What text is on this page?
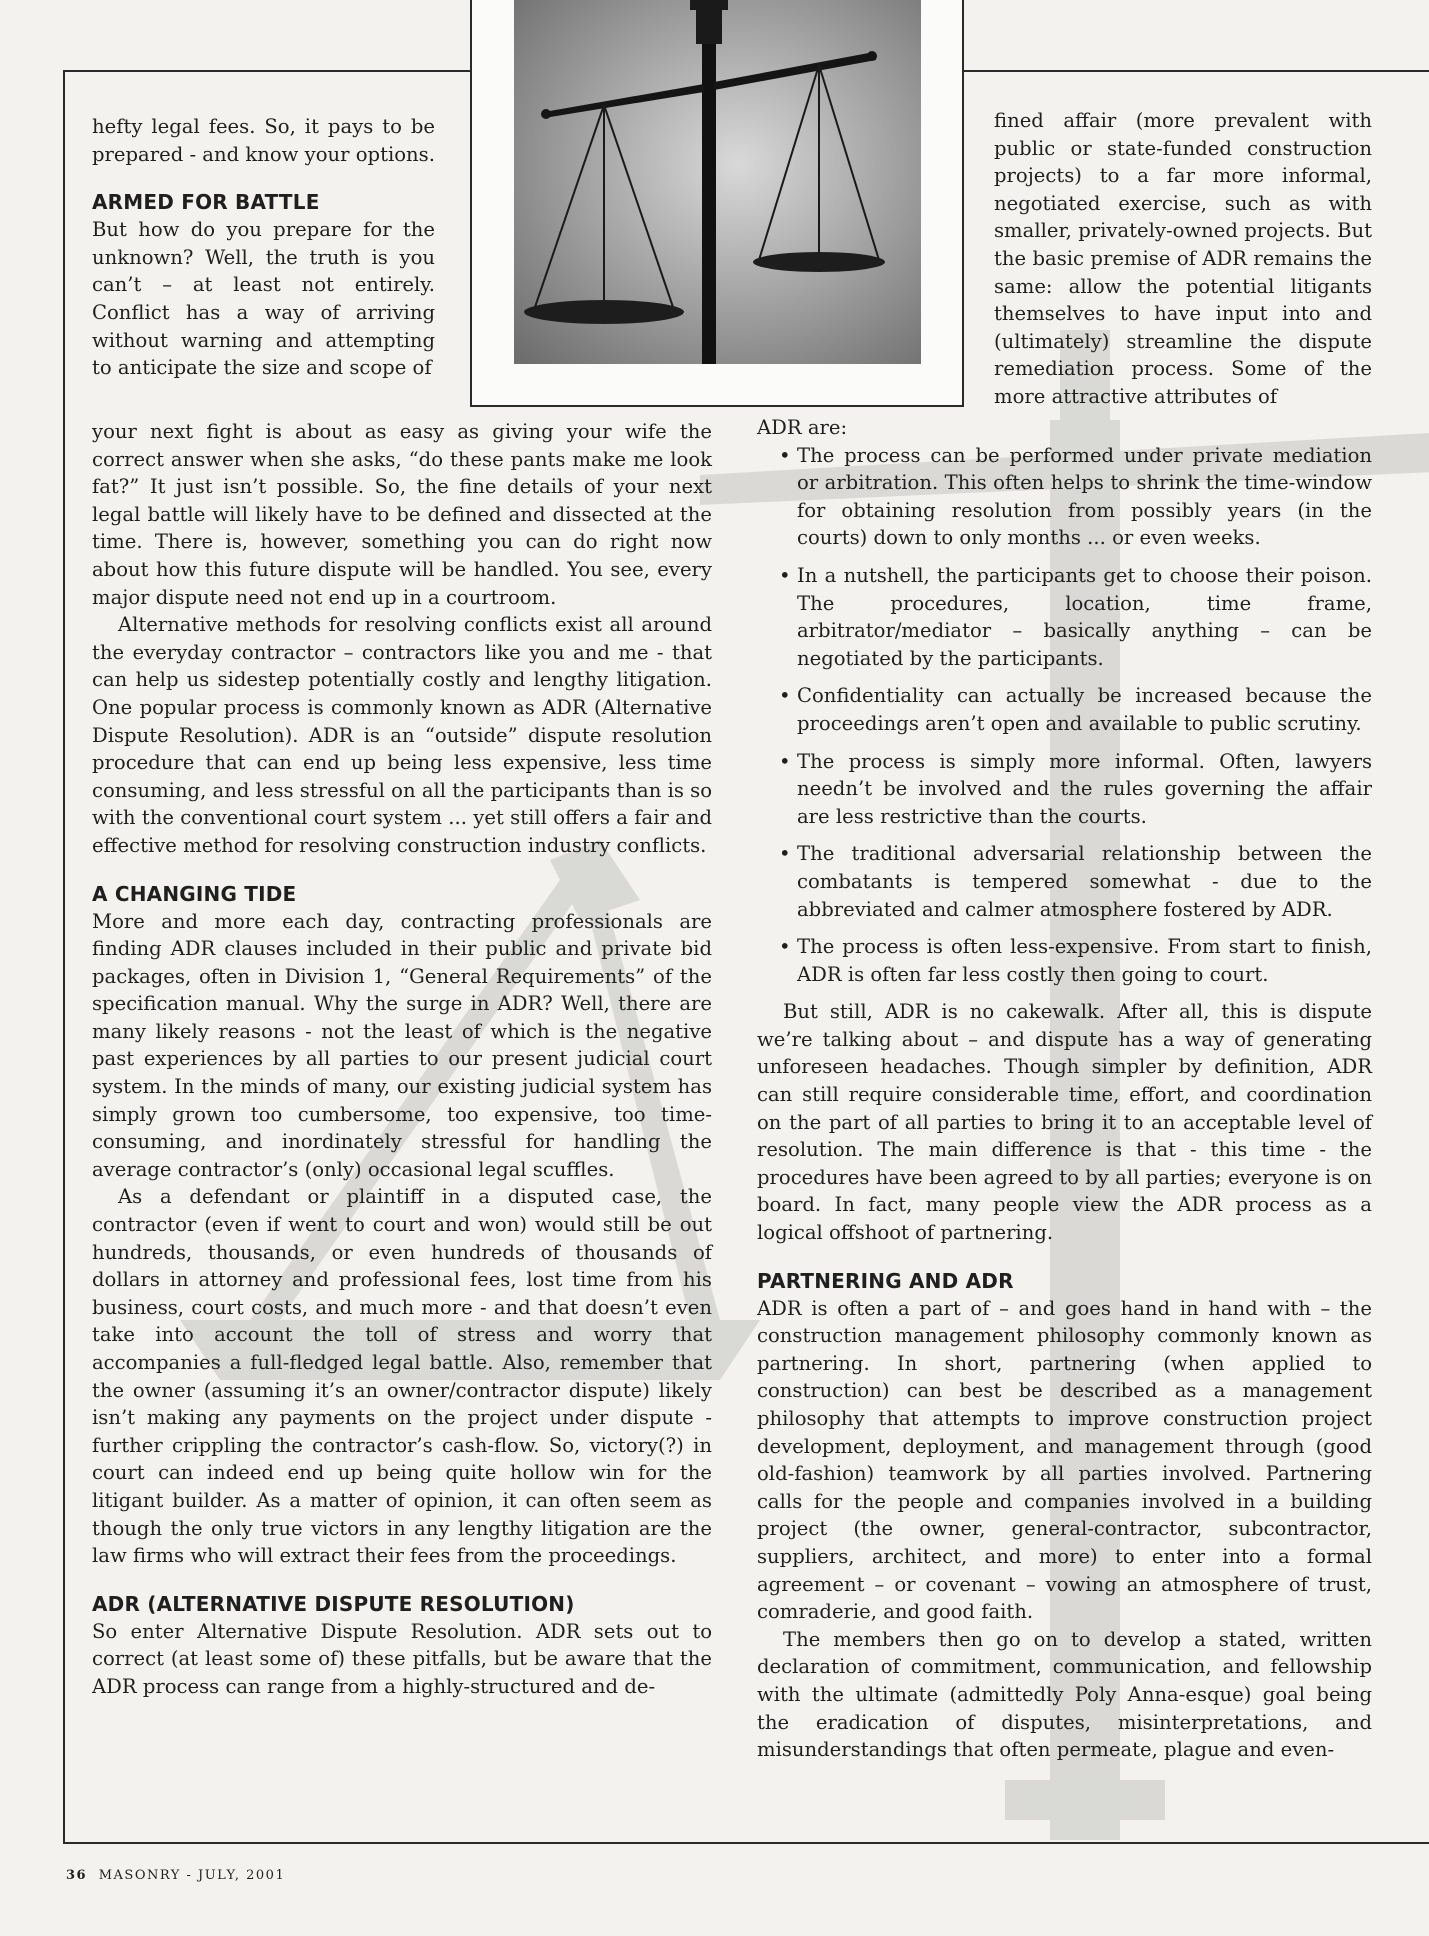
hefty legal fees. So, it pays to be prepared - and know your options.

ARMED FOR BATTLE

But how do you prepare for the unknown? Well, the truth is you can’t – at least not entirely. Conflict has a way of arriving without warning and attempting to anticipate the size and scope of

your next fight is about as easy as giving your wife the correct answer when she asks, “do these pants make me look fat?” It just isn’t possible. So, the fine details of your next legal battle will likely have to be defined and dissected at the time. There is, however, something you can do right now about how this future dispute will be handled. You see, every major dispute need not end up in a courtroom.

Alternative methods for resolving conflicts exist all around the everyday contractor – contractors like you and me - that can help us sidestep potentially costly and lengthy litigation. One popular process is commonly known as ADR (Alternative Dispute Resolution). ADR is an “outside” dispute resolution procedure that can end up being less expensive, less time consuming, and less stressful on all the participants than is so with the conventional court system ... yet still offers a fair and effective method for resolving construction industry conflicts.

A CHANGING TIDE

More and more each day, contracting professionals are finding ADR clauses included in their public and private bid packages, often in Division 1, “General Requirements” of the specification manual. Why the surge in ADR? Well, there are many likely reasons - not the least of which is the negative past experiences by all parties to our present judicial court system. In the minds of many, our existing judicial system has simply grown too cumbersome, too expensive, too time-consuming, and inordinately stressful for handling the average contractor’s (only) occasional legal scuffles.

As a defendant or plaintiff in a disputed case, the contractor (even if went to court and won) would still be out hundreds, thousands, or even hundreds of thousands of dollars in attorney and professional fees, lost time from his business, court costs, and much more - and that doesn’t even take into account the toll of stress and worry that accompanies a full-fledged legal battle. Also, remember that the owner (assuming it’s an owner/contractor dispute) likely isn’t making any payments on the project under dispute - further crippling the contractor’s cash-flow. So, victory(?) in court can indeed end up being quite hollow win for the litigant builder. As a matter of opinion, it can often seem as though the only true victors in any lengthy litigation are the law firms who will extract their fees from the proceedings.

ADR (ALTERNATIVE DISPUTE RESOLUTION)

So enter Alternative Dispute Resolution. ADR sets out to correct (at least some of) these pitfalls, but be aware that the ADR process can range from a highly-structured and de-

fined affair (more prevalent with public or state-funded construction projects) to a far more informal, negotiated exercise, such as with smaller, privately-owned projects. But the basic premise of ADR remains the same: allow the potential litigants themselves to have input into and (ultimately) streamline the dispute remediation process. Some of the more attractive attributes of

ADR are:

• The process can be performed under private mediation or arbitration. This often helps to shrink the time-window for obtaining resolution from possibly years (in the courts) down to only months ... or even weeks.
• In a nutshell, the participants get to choose their poison. The procedures, location, time frame, arbitrator/mediator – basically anything – can be negotiated by the participants.
• Confidentiality can actually be increased because the proceedings aren’t open and available to public scrutiny.
• The process is simply more informal. Often, lawyers needn’t be involved and the rules governing the affair are less restrictive than the courts.
• The traditional adversarial relationship between the combatants is tempered somewhat - due to the abbreviated and calmer atmosphere fostered by ADR.
• The process is often less-expensive. From start to finish, ADR is often far less costly then going to court.

But still, ADR is no cakewalk. After all, this is dispute we’re talking about – and dispute has a way of generating unforeseen headaches. Though simpler by definition, ADR can still require considerable time, effort, and coordination on the part of all parties to bring it to an acceptable level of resolution. The main difference is that - this time - the procedures have been agreed to by all parties; everyone is on board. In fact, many people view the ADR process as a logical offshoot of partnering.

PARTNERING AND ADR

ADR is often a part of – and goes hand in hand with – the construction management philosophy commonly known as partnering. In short, partnering (when applied to construction) can best be described as a management philosophy that attempts to improve construction project development, deployment, and management through (good old-fashion) teamwork by all parties involved. Partnering calls for the people and companies involved in a building project (the owner, general-contractor, subcontractor, suppliers, architect, and more) to enter into a formal agreement – or covenant – vowing an atmosphere of trust, comraderie, and good faith.

The members then go on to develop a stated, written declaration of commitment, communication, and fellowship with the ultimate (admittedly Poly Anna-esque) goal being the eradication of disputes, misinterpretations, and misunderstandings that often permeate, plague and even-

36 MASONRY - JULY, 2001
